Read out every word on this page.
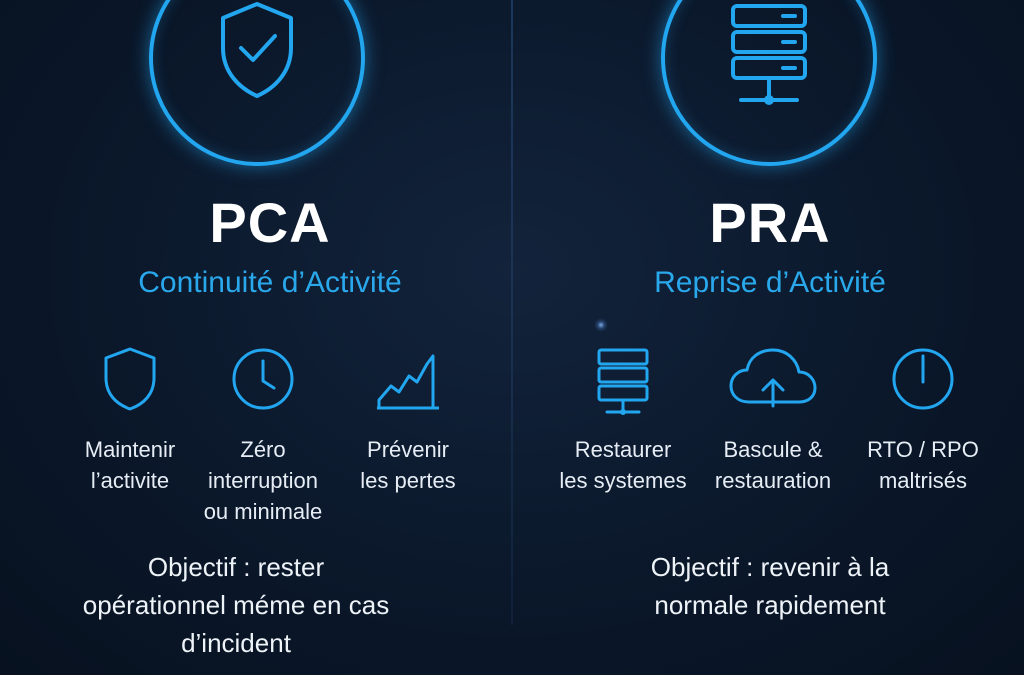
PCA
Continuité d’Activité
Maintenir
l’activite
Zéro
interruption
ou minimale
Prévenir
les pertes
Objectif : rester
opérationnel méme en cas
d’incident
PRA
Reprise d’Activité
Restaurer
les systemes
Bascule &
restauration
RTO / RPO
maltrisés
Objectif : revenir à la
normale rapidement
